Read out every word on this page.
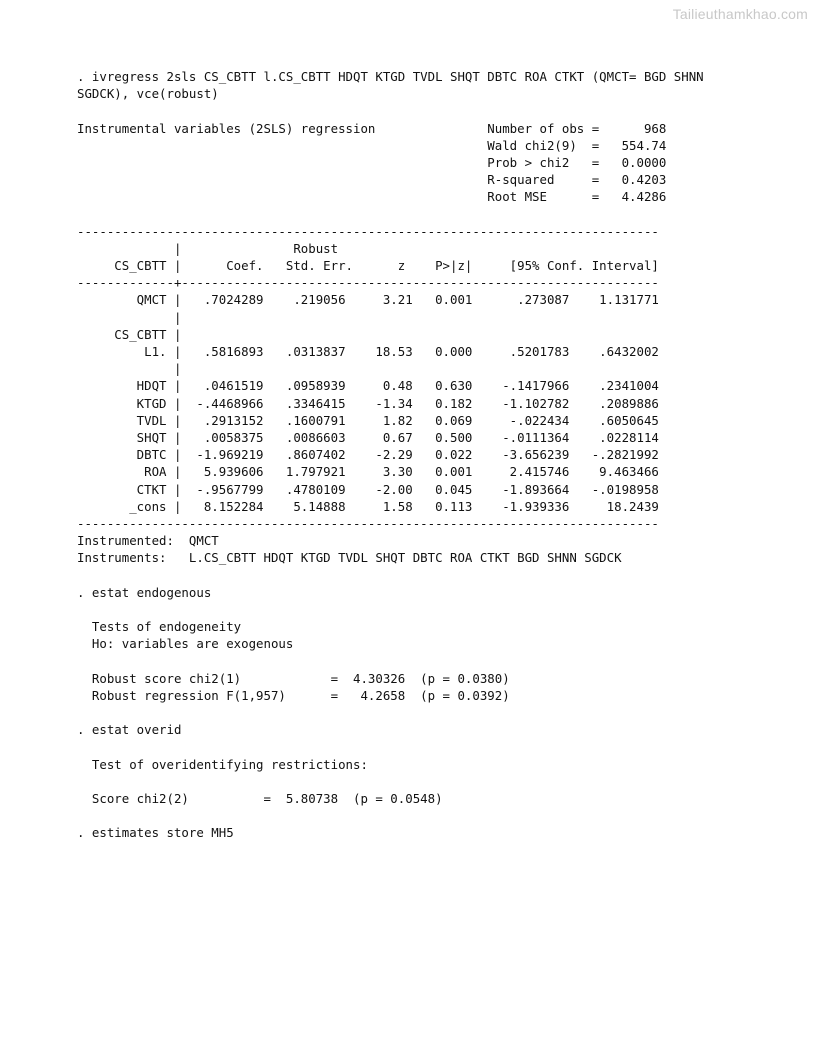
Tailieuthamkhao.com
. ivregress 2sls CS_CBTT l.CS_CBTT HDQT KTGD TVDL SHQT DBTC ROA CTKT (QMCT= BGD SHNN
SGDCK), vce(robust)
Instrumental variables (2SLS) regression               Number of obs =      968
Wald chi2(9)  =   554.74
Prob > chi2   =   0.0000
R-squared     =   0.4203
Root MSE      =   4.4286
------------------------------------------------------------------------------
|               Robust
CS_CBTT |      Coef.   Std. Err.      z    P>|z|     [95% Conf. Interval]
-------------+----------------------------------------------------------------
QMCT |   .7024289    .219056     3.21   0.001      .273087    1.131771
|
CS_CBTT |
L1. |   .5816893   .0313837    18.53   0.000     .5201783    .6432002
|
HDQT |   .0461519   .0958939     0.48   0.630    -.1417966    .2341004
KTGD |  -.4468966   .3346415    -1.34   0.182    -1.102782    .2089886
TVDL |   .2913152   .1600791     1.82   0.069     -.022434    .6050645
SHQT |   .0058375   .0086603     0.67   0.500    -.0111364    .0228114
DBTC |  -1.969219   .8607402    -2.29   0.022    -3.656239   -.2821992
ROA |   5.939606   1.797921     3.30   0.001     2.415746    9.463466
CTKT |  -.9567799   .4780109    -2.00   0.045    -1.893664   -.0198958
_cons |   8.152284    5.14888     1.58   0.113    -1.939336     18.2439
------------------------------------------------------------------------------
Instrumented:  QMCT
Instruments:   L.CS_CBTT HDQT KTGD TVDL SHQT DBTC ROA CTKT BGD SHNN SGDCK
. estat endogenous
Tests of endogeneity
Ho: variables are exogenous
Robust score chi2(1)            =  4.30326  (p = 0.0380)
Robust regression F(1,957)      =   4.2658  (p = 0.0392)
. estat overid
Test of overidentifying restrictions:
Score chi2(2)          =  5.80738  (p = 0.0548)
. estimates store MH5
